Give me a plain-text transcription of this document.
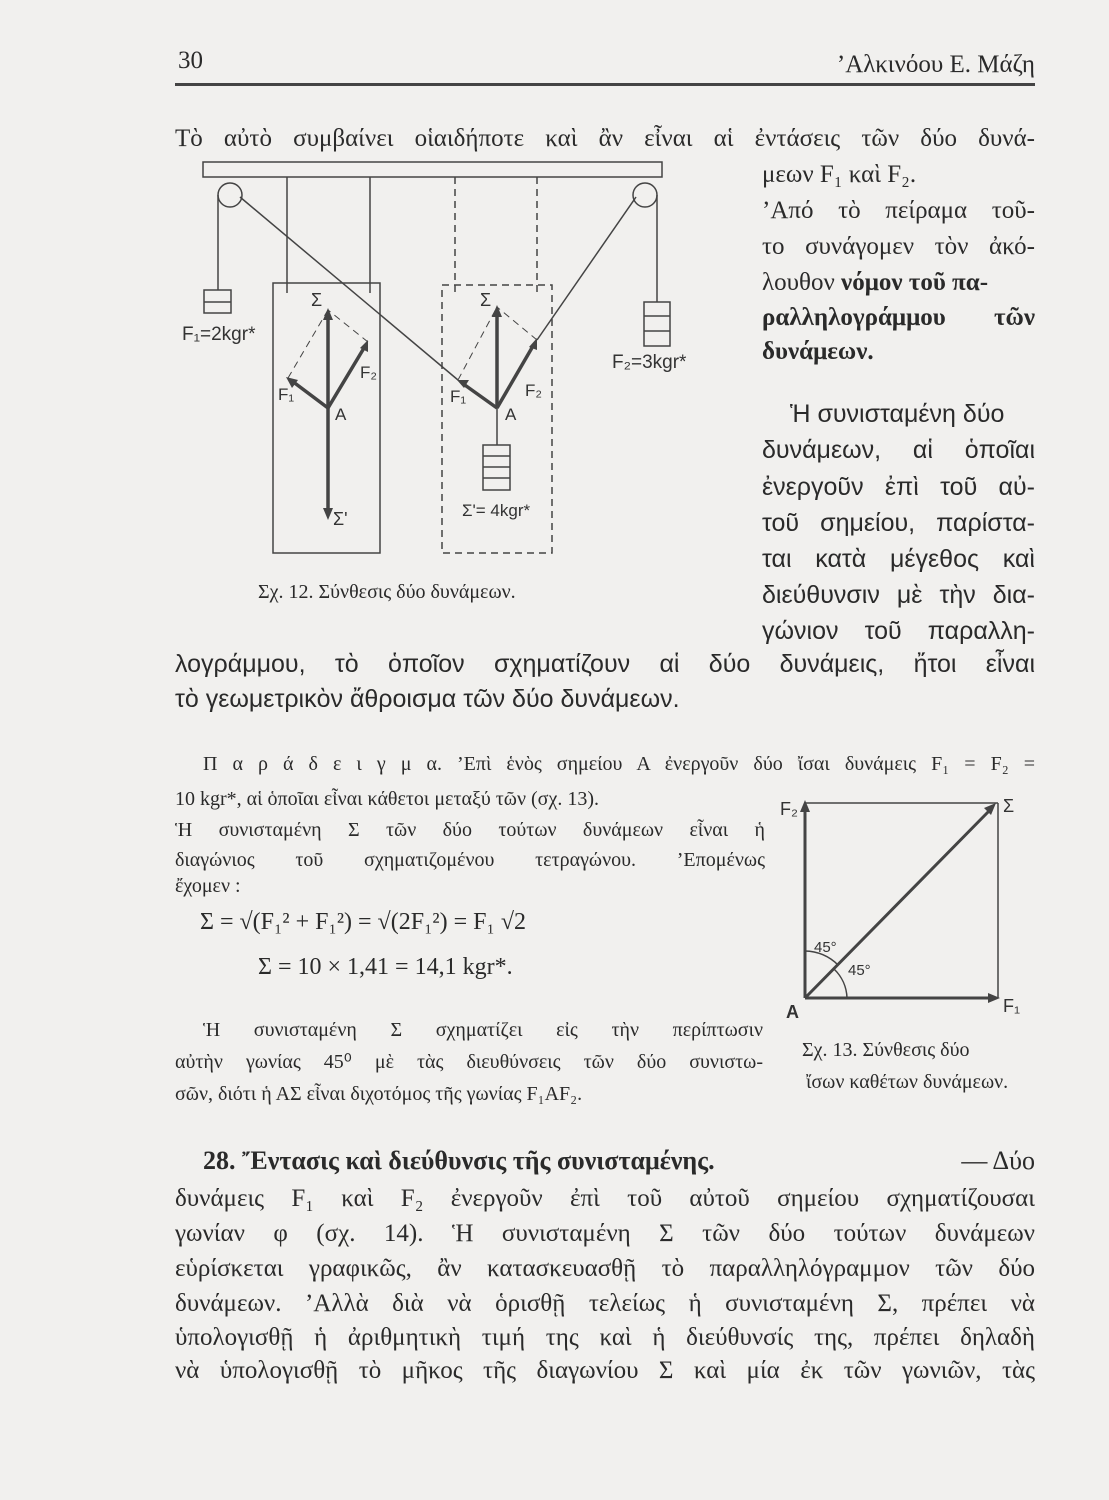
30	’Αλκινόου Ε. Μάζη
Τὸ αὐτὸ συμβαίνει οἱαιδήποτε καὶ ἂν εἶναι αἱ ἐντάσεις τῶν δύο δυνά-
μεων F₁ καὶ F₂.
’Από τὸ πείραμα τοῦ-
το συνάγομεν τὸν ἀκό-
λουθον νόμον τοῦ πα-
ραλληλογράμμου τῶν
δυνάμεων.
Ἡ συνισταμένη δύο
δυνάμεων, αἱ ὁποῖαι
ἐνεργοῦν ἐπὶ τοῦ αὐ-
τοῦ σημείου, παρίστα-
ται κατὰ μέγεθος καὶ
διεύθυνσιν μὲ τὴν δια-
γώνιον τοῦ παραλλη-
λογράμμου, τὸ ὁποῖον σχηματίζουν αἱ δύο δυνάμεις, ἤτοι εἶναι
τὸ γεωμετρικὸν ἄθροισμα τῶν δύο δυνάμεων.
F₁=2kgr*
F₂=3kgr*
Σ'= 4kgr*
Σ	Σ
Σ'
F₁
F₂
F₁	F₂
A	A
F₂	Σ
F₁
A
45°
45°
Σχ. 12. Σύνθεσις δύο δυνάμεων.
Σχ. 13. Σύνθεσις δύο
ἴσων καθέτων δυνάμεων.
Π α ρ ά δ ε ι γ μ α. ’Επὶ ἑνὸς σημείου Α ἐνεργοῦν δύο ἴσαι δυνάμεις F₁ = F₂ =
10 kgr*, αἱ ὁποῖαι εἶναι κάθετοι μεταξύ τῶν (σχ. 13).
Ἡ συνισταμένη Σ τῶν δύο τούτων δυνάμεων εἶναι ἡ
διαγώνιος τοῦ σχηματιζομένου τετραγώνου. ’Επομένως
ἔχομεν :
Σ = √(F₁² + F₁²) = √(2F₁²) = F₁ √2
Σ = 10 × 1,41 = 14,1 kgr*.
Ἡ συνισταμένη Σ σχηματίζει εἰς τὴν περίπτωσιν
αὐτὴν γωνίας 45⁰ μὲ τὰς διευθύνσεις τῶν δύο συνιστω-
σῶν, διότι ἡ ΑΣ εἶναι διχοτόμος τῆς γωνίας F₁AF₂.
28. Ἔντασις καὶ διεύθυνσις τῆς συνισταμένης.	— Δύο
δυνάμεις F₁ καὶ F₂ ἐνεργοῦν ἐπὶ τοῦ αὐτοῦ σημείου σχηματίζουσαι
γωνίαν φ (σχ. 14). Ἡ συνισταμένη Σ τῶν δύο τούτων δυνάμεων
εὑρίσκεται γραφικῶς, ἂν κατασκευασθῇ τὸ παραλληλόγραμμον τῶν δύο
δυνάμεων. ’Αλλὰ διὰ νὰ ὁρισθῇ τελείως ἡ συνισταμένη Σ, πρέπει νὰ
ὑπολογισθῇ ἡ ἀριθμητικὴ τιμή της καὶ ἡ διεύθυνσίς της, πρέπει δηλαδὴ
νὰ ὑπολογισθῇ τὸ μῆκος τῆς διαγωνίου Σ καὶ μία ἐκ τῶν γωνιῶν, τὰς
